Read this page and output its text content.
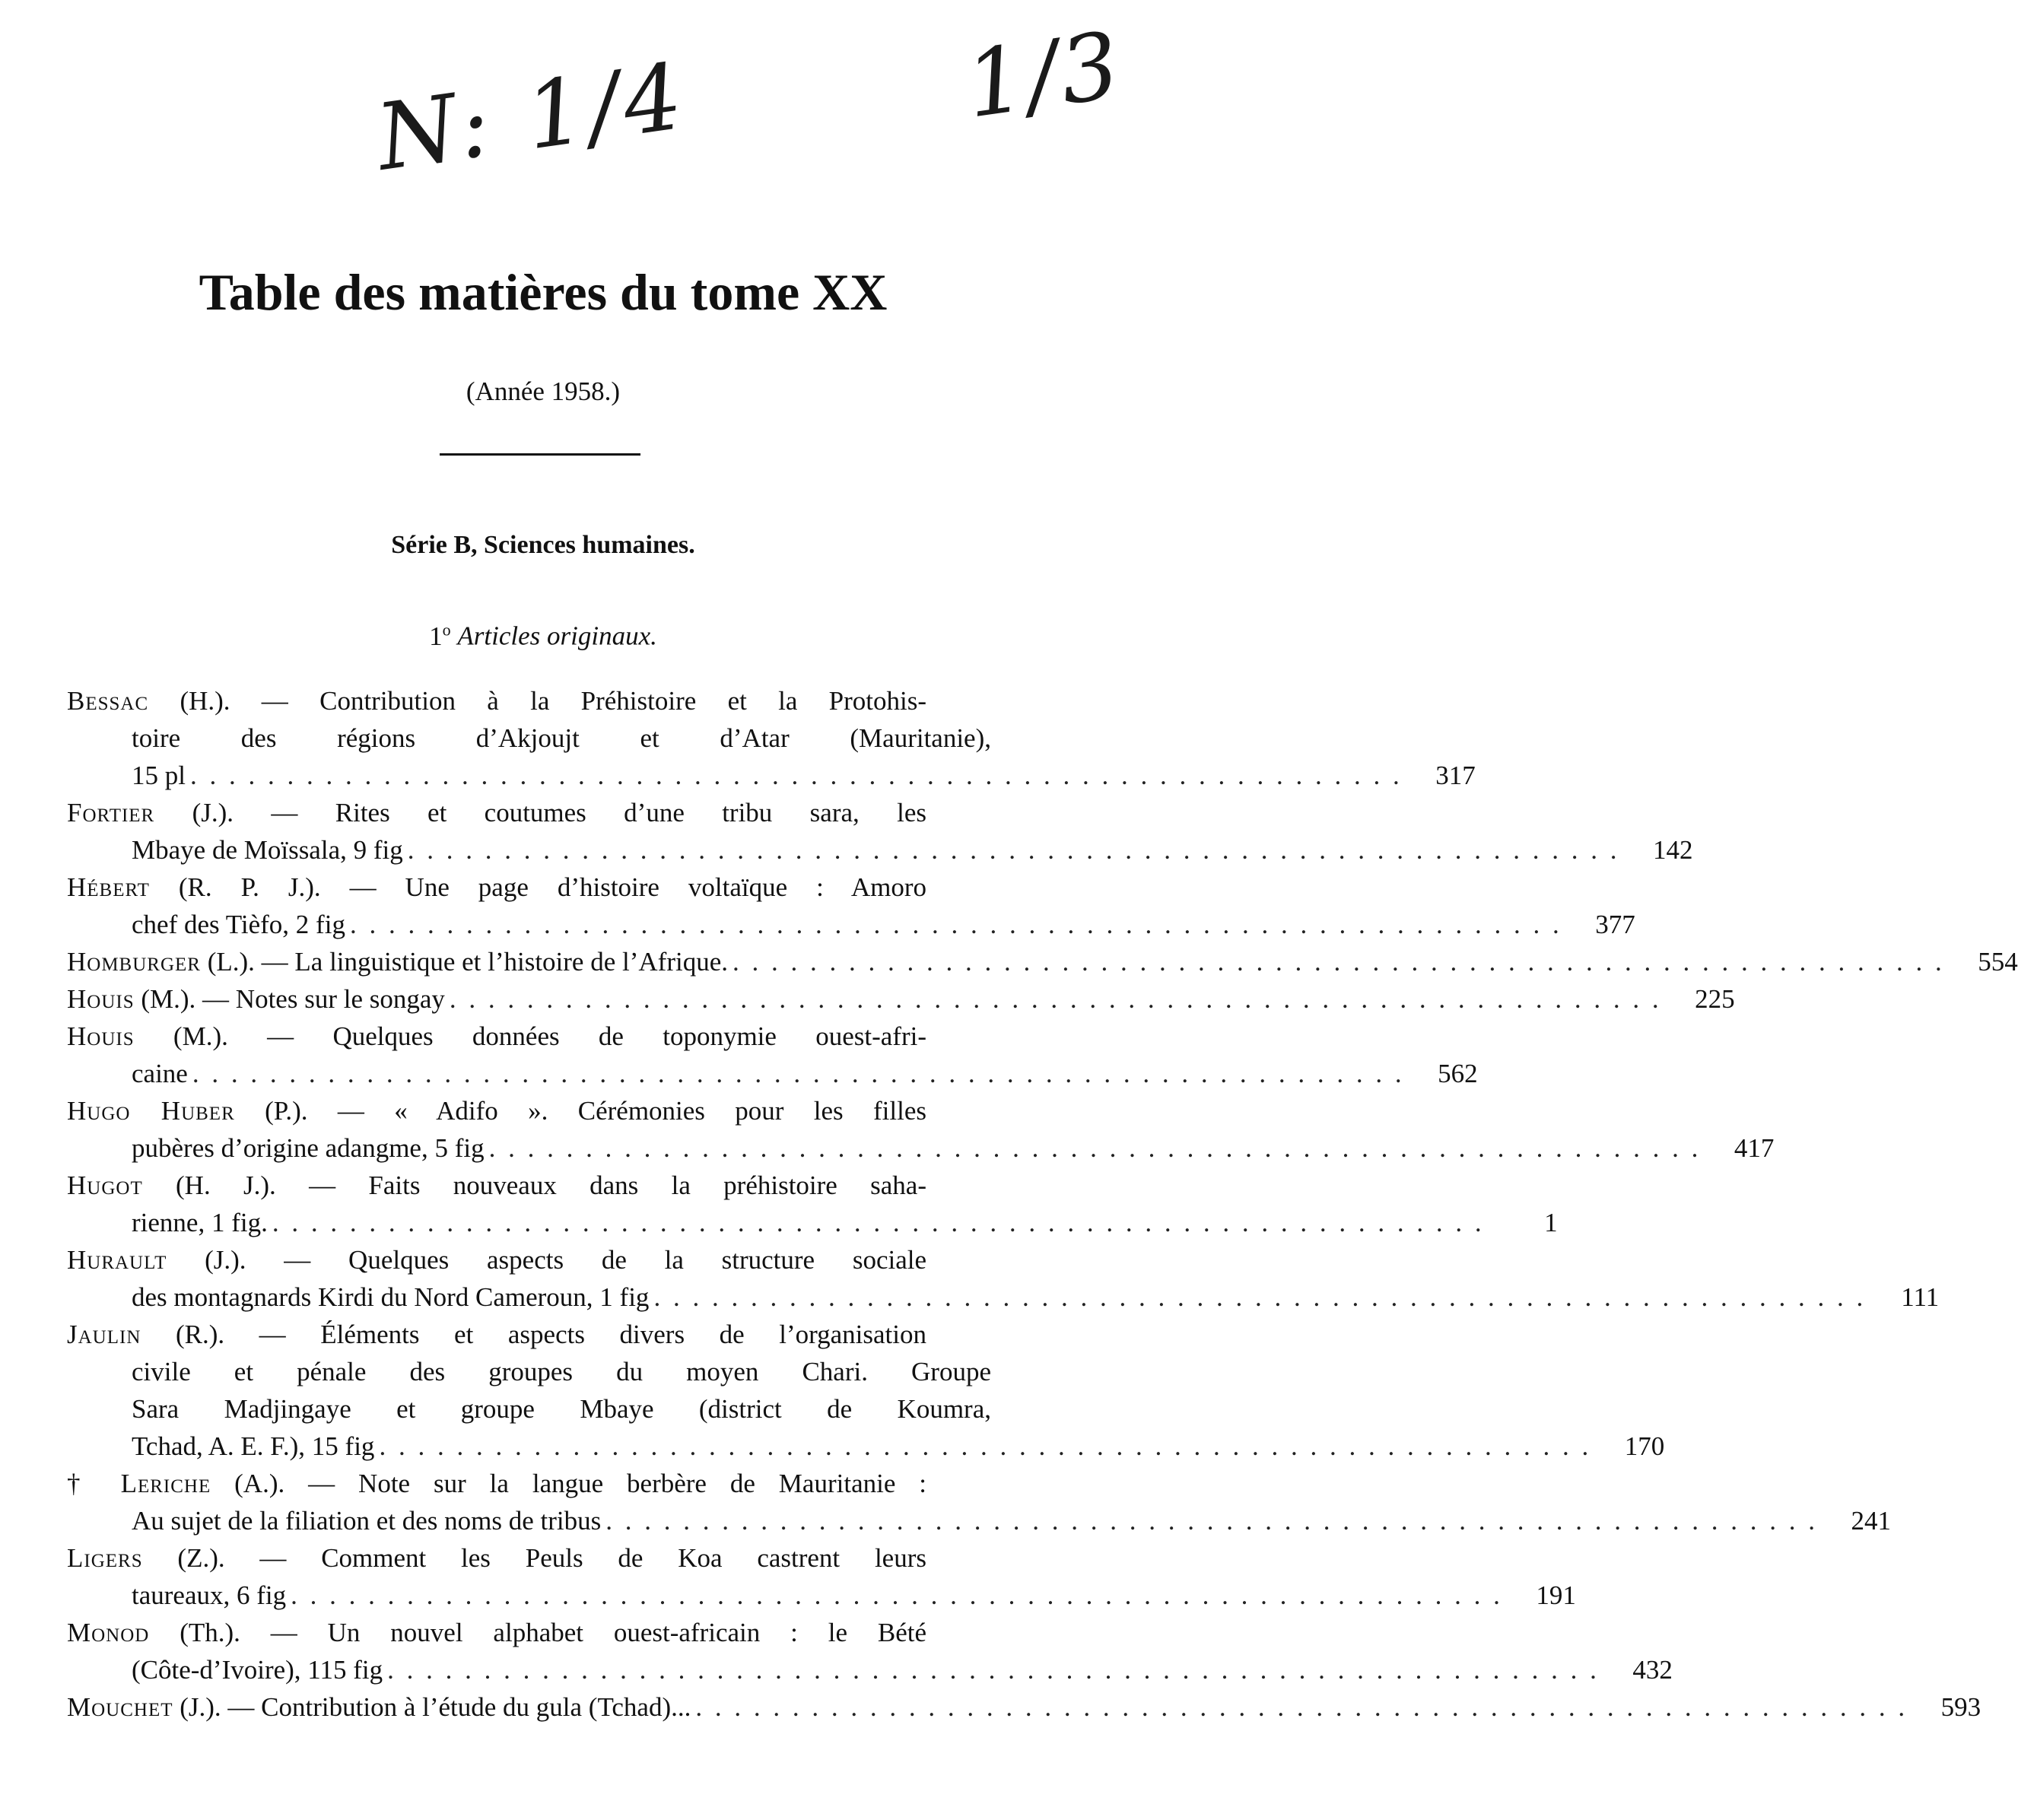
N: 1/4	1/3
Table des matières du tome XX
(Année 1958.)
Série B, Sciences humaines.
1$^o$ Articles originaux.
Bessac (H.). — Contribution à la Préhistoire et la Protohis-
toire des régions d’Akjoujt et d’Atar (Mauritanie),
15 pl . . . . . . . . . . . . . . . . . . . . . . . . . . . . . . . . . . . . . . . . . . . . . . . . . . . . . . . . . . . . . . .	317
Fortier (J.). — Rites et coutumes d’une tribu sara, les
Mbaye de Moïssala, 9 fig . . . . . . . . . . . . . . . . . . . . . . . . . . . . . . . . . . . . . . . . . . . . . . . . . . . . . . . . . . . . . . .	142
Hébert (R. P. J.). — Une page d’histoire voltaïque : Amoro
chef des Tièfo, 2 fig . . . . . . . . . . . . . . . . . . . . . . . . . . . . . . . . . . . . . . . . . . . . . . . . . . . . . . . . . . . . . . .	377
Homburger (L.). — La linguistique et l’histoire de l’Afrique. . . . . . . . . . . . . . . . . . . . . . . . . . . . . . . . . . . . . . . . . . . . . . . . . . . . . . . . . . . . . . . .	554
Houis (M.). — Notes sur le songay . . . . . . . . . . . . . . . . . . . . . . . . . . . . . . . . . . . . . . . . . . . . . . . . . . . . . . . . . . . . . . .	225
Houis (M.). — Quelques données de toponymie ouest-afri-
caine . . . . . . . . . . . . . . . . . . . . . . . . . . . . . . . . . . . . . . . . . . . . . . . . . . . . . . . . . . . . . . .	562
Hugo Huber (P.). — « Adifo ». Cérémonies pour les filles
pubères d’origine adangme, 5 fig . . . . . . . . . . . . . . . . . . . . . . . . . . . . . . . . . . . . . . . . . . . . . . . . . . . . . . . . . . . . . . .	417
Hugot (H. J.). — Faits nouveaux dans la préhistoire saha-
rienne, 1 fig. . . . . . . . . . . . . . . . . . . . . . . . . . . . . . . . . . . . . . . . . . . . . . . . . . . . . . . . . . . . . . . .	1
Hurault (J.). — Quelques aspects de la structure sociale
des montagnards Kirdi du Nord Cameroun, 1 fig . . . . . . . . . . . . . . . . . . . . . . . . . . . . . . . . . . . . . . . . . . . . . . . . . . . . . . . . . . . . . . .	111
Jaulin (R.). — Éléments et aspects divers de l’organisation
civile et pénale des groupes du moyen Chari. Groupe
Sara Madjingaye et groupe Mbaye (district de Koumra,
Tchad, A. E. F.), 15 fig . . . . . . . . . . . . . . . . . . . . . . . . . . . . . . . . . . . . . . . . . . . . . . . . . . . . . . . . . . . . . . .	170
† Leriche (A.). — Note sur la langue berbère de Mauritanie :
Au sujet de la filiation et des noms de tribus . . . . . . . . . . . . . . . . . . . . . . . . . . . . . . . . . . . . . . . . . . . . . . . . . . . . . . . . . . . . . . .	241
Ligers (Z.). — Comment les Peuls de Koa castrent leurs
taureaux, 6 fig . . . . . . . . . . . . . . . . . . . . . . . . . . . . . . . . . . . . . . . . . . . . . . . . . . . . . . . . . . . . . . .	191
Monod (Th.). — Un nouvel alphabet ouest-africain : le Bété
(Côte-d’Ivoire), 115 fig . . . . . . . . . . . . . . . . . . . . . . . . . . . . . . . . . . . . . . . . . . . . . . . . . . . . . . . . . . . . . . .	432
Mouchet (J.). — Contribution à l’étude du gula (Tchad)... . . . . . . . . . . . . . . . . . . . . . . . . . . . . . . . . . . . . . . . . . . . . . . . . . . . . . . . . . . . . . . .	593
